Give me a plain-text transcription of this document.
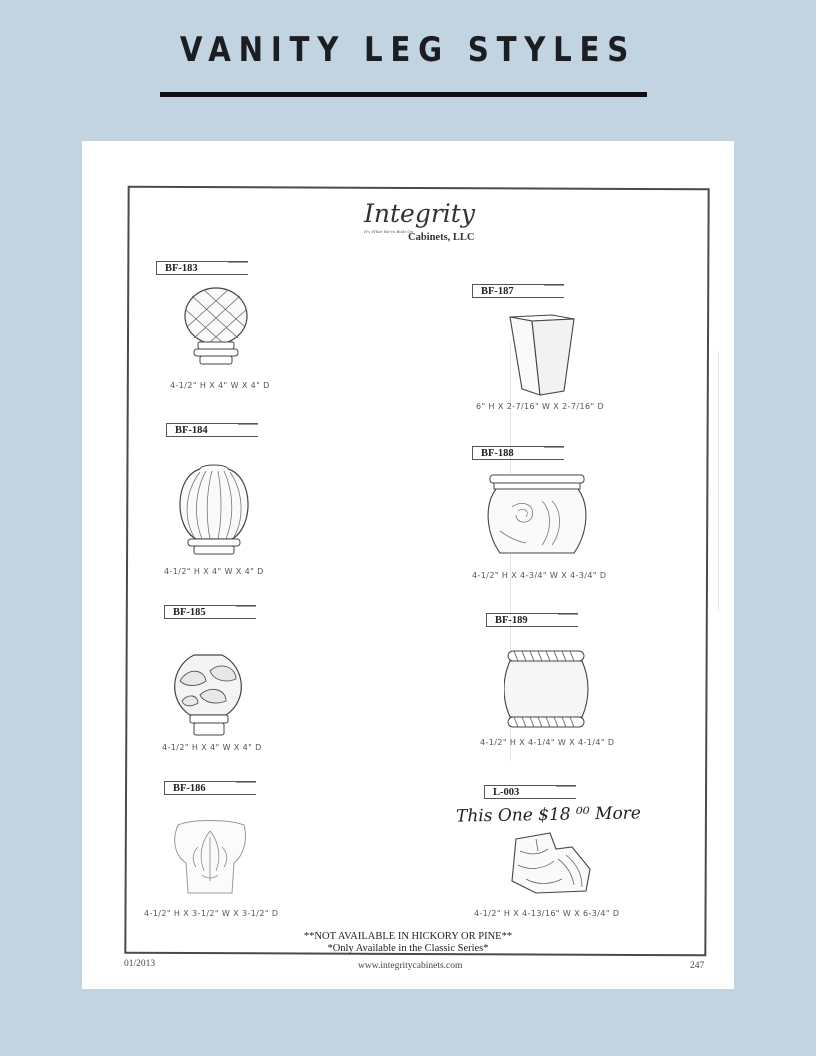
VANITY LEG STYLES
Integrity
It's What We're Built On
Cabinets, LLC
BF-183
4-1/2" H X 4" W X 4" D
BF-184
4-1/2" H X 4" W X 4" D
BF-185
4-1/2" H X 4" W X 4" D
BF-186
4-1/2" H X 3-1/2" W X 3-1/2" D
BF-187
6" H X 2-7/16" W X 2-7/16" D
BF-188
4-1/2" H X 4-3/4" W X 4-3/4" D
BF-189
4-1/2" H X 4-1/4" W X 4-1/4" D
L-003
This One $18 ⁰⁰ More
4-1/2" H X 4-13/16" W X 6-3/4" D
**NOT AVAILABLE IN HICKORY OR PINE**
*Only Available in the Classic Series*
01/2013	www.integritycabinets.com	247
